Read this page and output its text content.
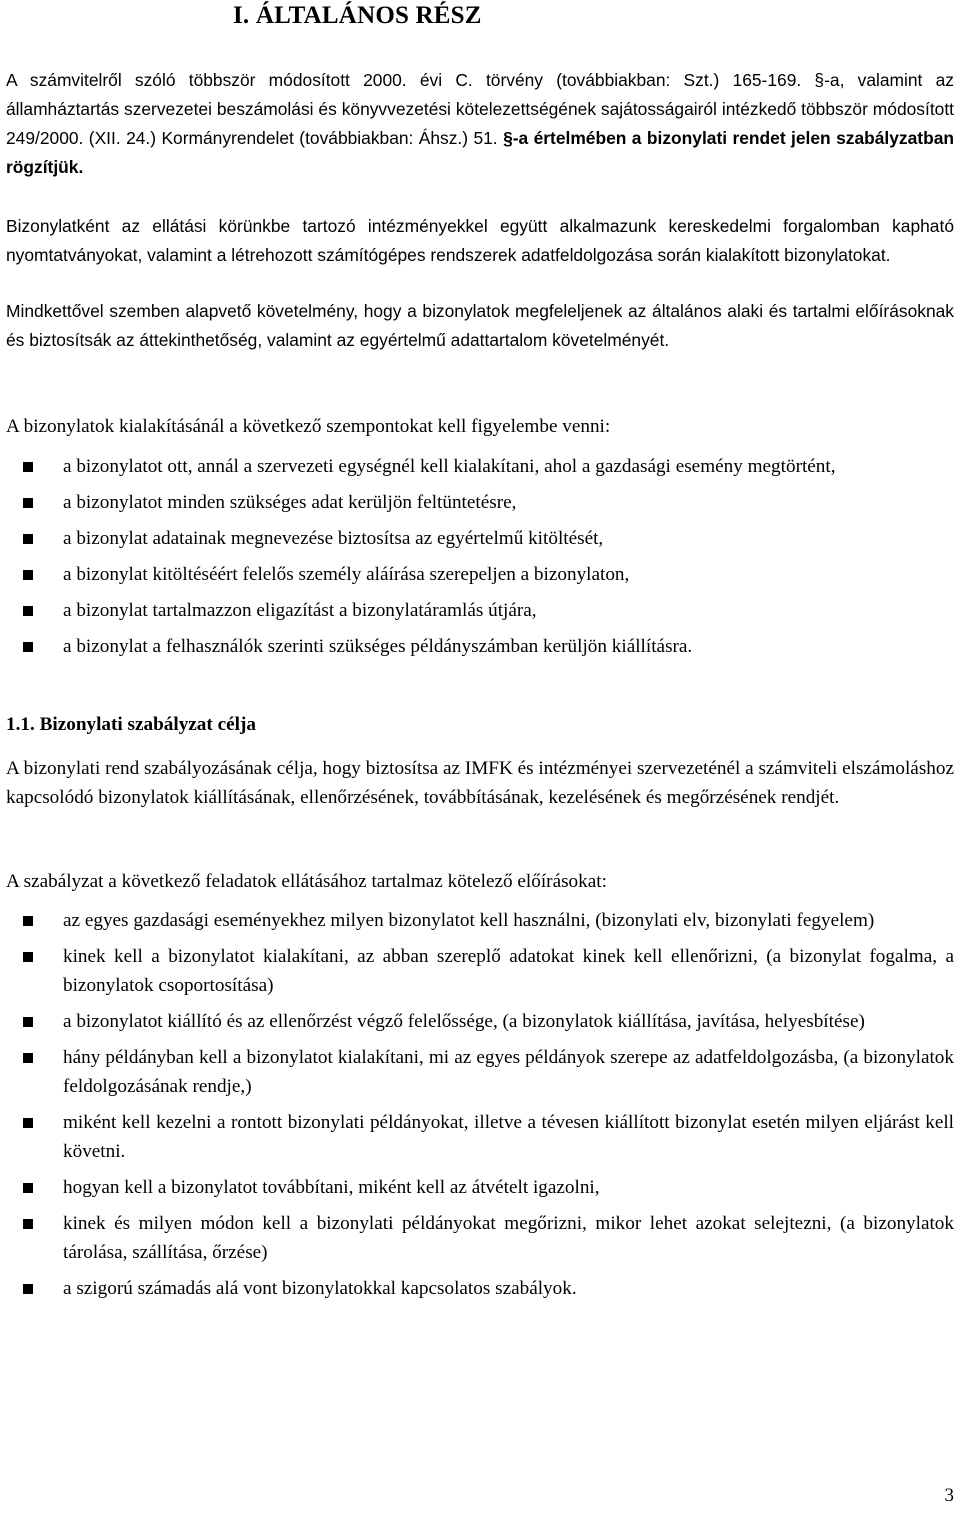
I. ÁLTALÁNOS RÉSZ

A számvitelről szóló többször módosított 2000. évi C. törvény (továbbiakban: Szt.) 165-169. §-a, valamint az államháztartás szervezetei beszámolási és könyvvezetési kötelezettségének sajátosságairól intézkedő többször módosított 249/2000. (XII. 24.) Kormányrendelet (továbbiakban: Áhsz.) 51. §-a értelmében a bizonylati rendet jelen szabályzatban rögzítjük.

Bizonylatként az ellátási körünkbe tartozó intézményekkel együtt alkalmazunk kereskedelmi forgalomban kapható nyomtatványokat, valamint a létrehozott számítógépes rendszerek adatfeldolgozása során kialakított bizonylatokat.

Mindkettővel szemben alapvető követelmény, hogy a bizonylatok megfeleljenek az általános alaki és tartalmi előírásoknak és biztosítsák az áttekinthetőség, valamint az egyértelmű adattartalom követelményét.

A bizonylatok kialakításánál a következő szempontokat kell figyelembe venni:

a bizonylatot ott, annál a szervezeti egységnél kell kialakítani, ahol a gazdasági esemény megtörtént,
a bizonylatot minden szükséges adat kerüljön feltüntetésre,
a bizonylat adatainak megnevezése biztosítsa az egyértelmű kitöltését,
a bizonylat kitöltéséért felelős személy aláírása szerepeljen a bizonylaton,
a bizonylat tartalmazzon eligazítást a bizonylatáramlás útjára,
a bizonylat a felhasználók szerinti szükséges példányszámban kerüljön kiállításra.

1.1. Bizonylati szabályzat célja

A bizonylati rend szabályozásának célja, hogy biztosítsa az IMFK és intézményei szervezeténél a számviteli elszámoláshoz kapcsolódó bizonylatok kiállításának, ellenőrzésének, továbbításának, kezelésének és megőrzésének rendjét.

A szabályzat a következő feladatok ellátásához tartalmaz kötelező előírásokat:

az egyes gazdasági eseményekhez milyen bizonylatot kell használni, (bizonylati elv, bizonylati fegyelem)
kinek kell a bizonylatot kialakítani, az abban szereplő adatokat kinek kell ellenőrizni, (a bizonylat fogalma, a bizonylatok csoportosítása)
a bizonylatot kiállító és az ellenőrzést végző felelőssége, (a bizonylatok kiállítása, javítása, helyesbítése)
hány példányban kell a bizonylatot kialakítani, mi az egyes példányok szerepe az adatfeldolgozásba, (a bizonylatok feldolgozásának rendje,)
miként kell kezelni a rontott bizonylati példányokat, illetve a tévesen kiállított bizonylat esetén milyen eljárást kell követni.
hogyan kell a bizonylatot továbbítani, miként kell az átvételt igazolni,
kinek és milyen módon kell a bizonylati példányokat megőrizni, mikor lehet azokat selejtezni, (a bizonylatok tárolása, szállítása, őrzése)
a szigorú számadás alá vont bizonylatokkal kapcsolatos szabályok.

3
